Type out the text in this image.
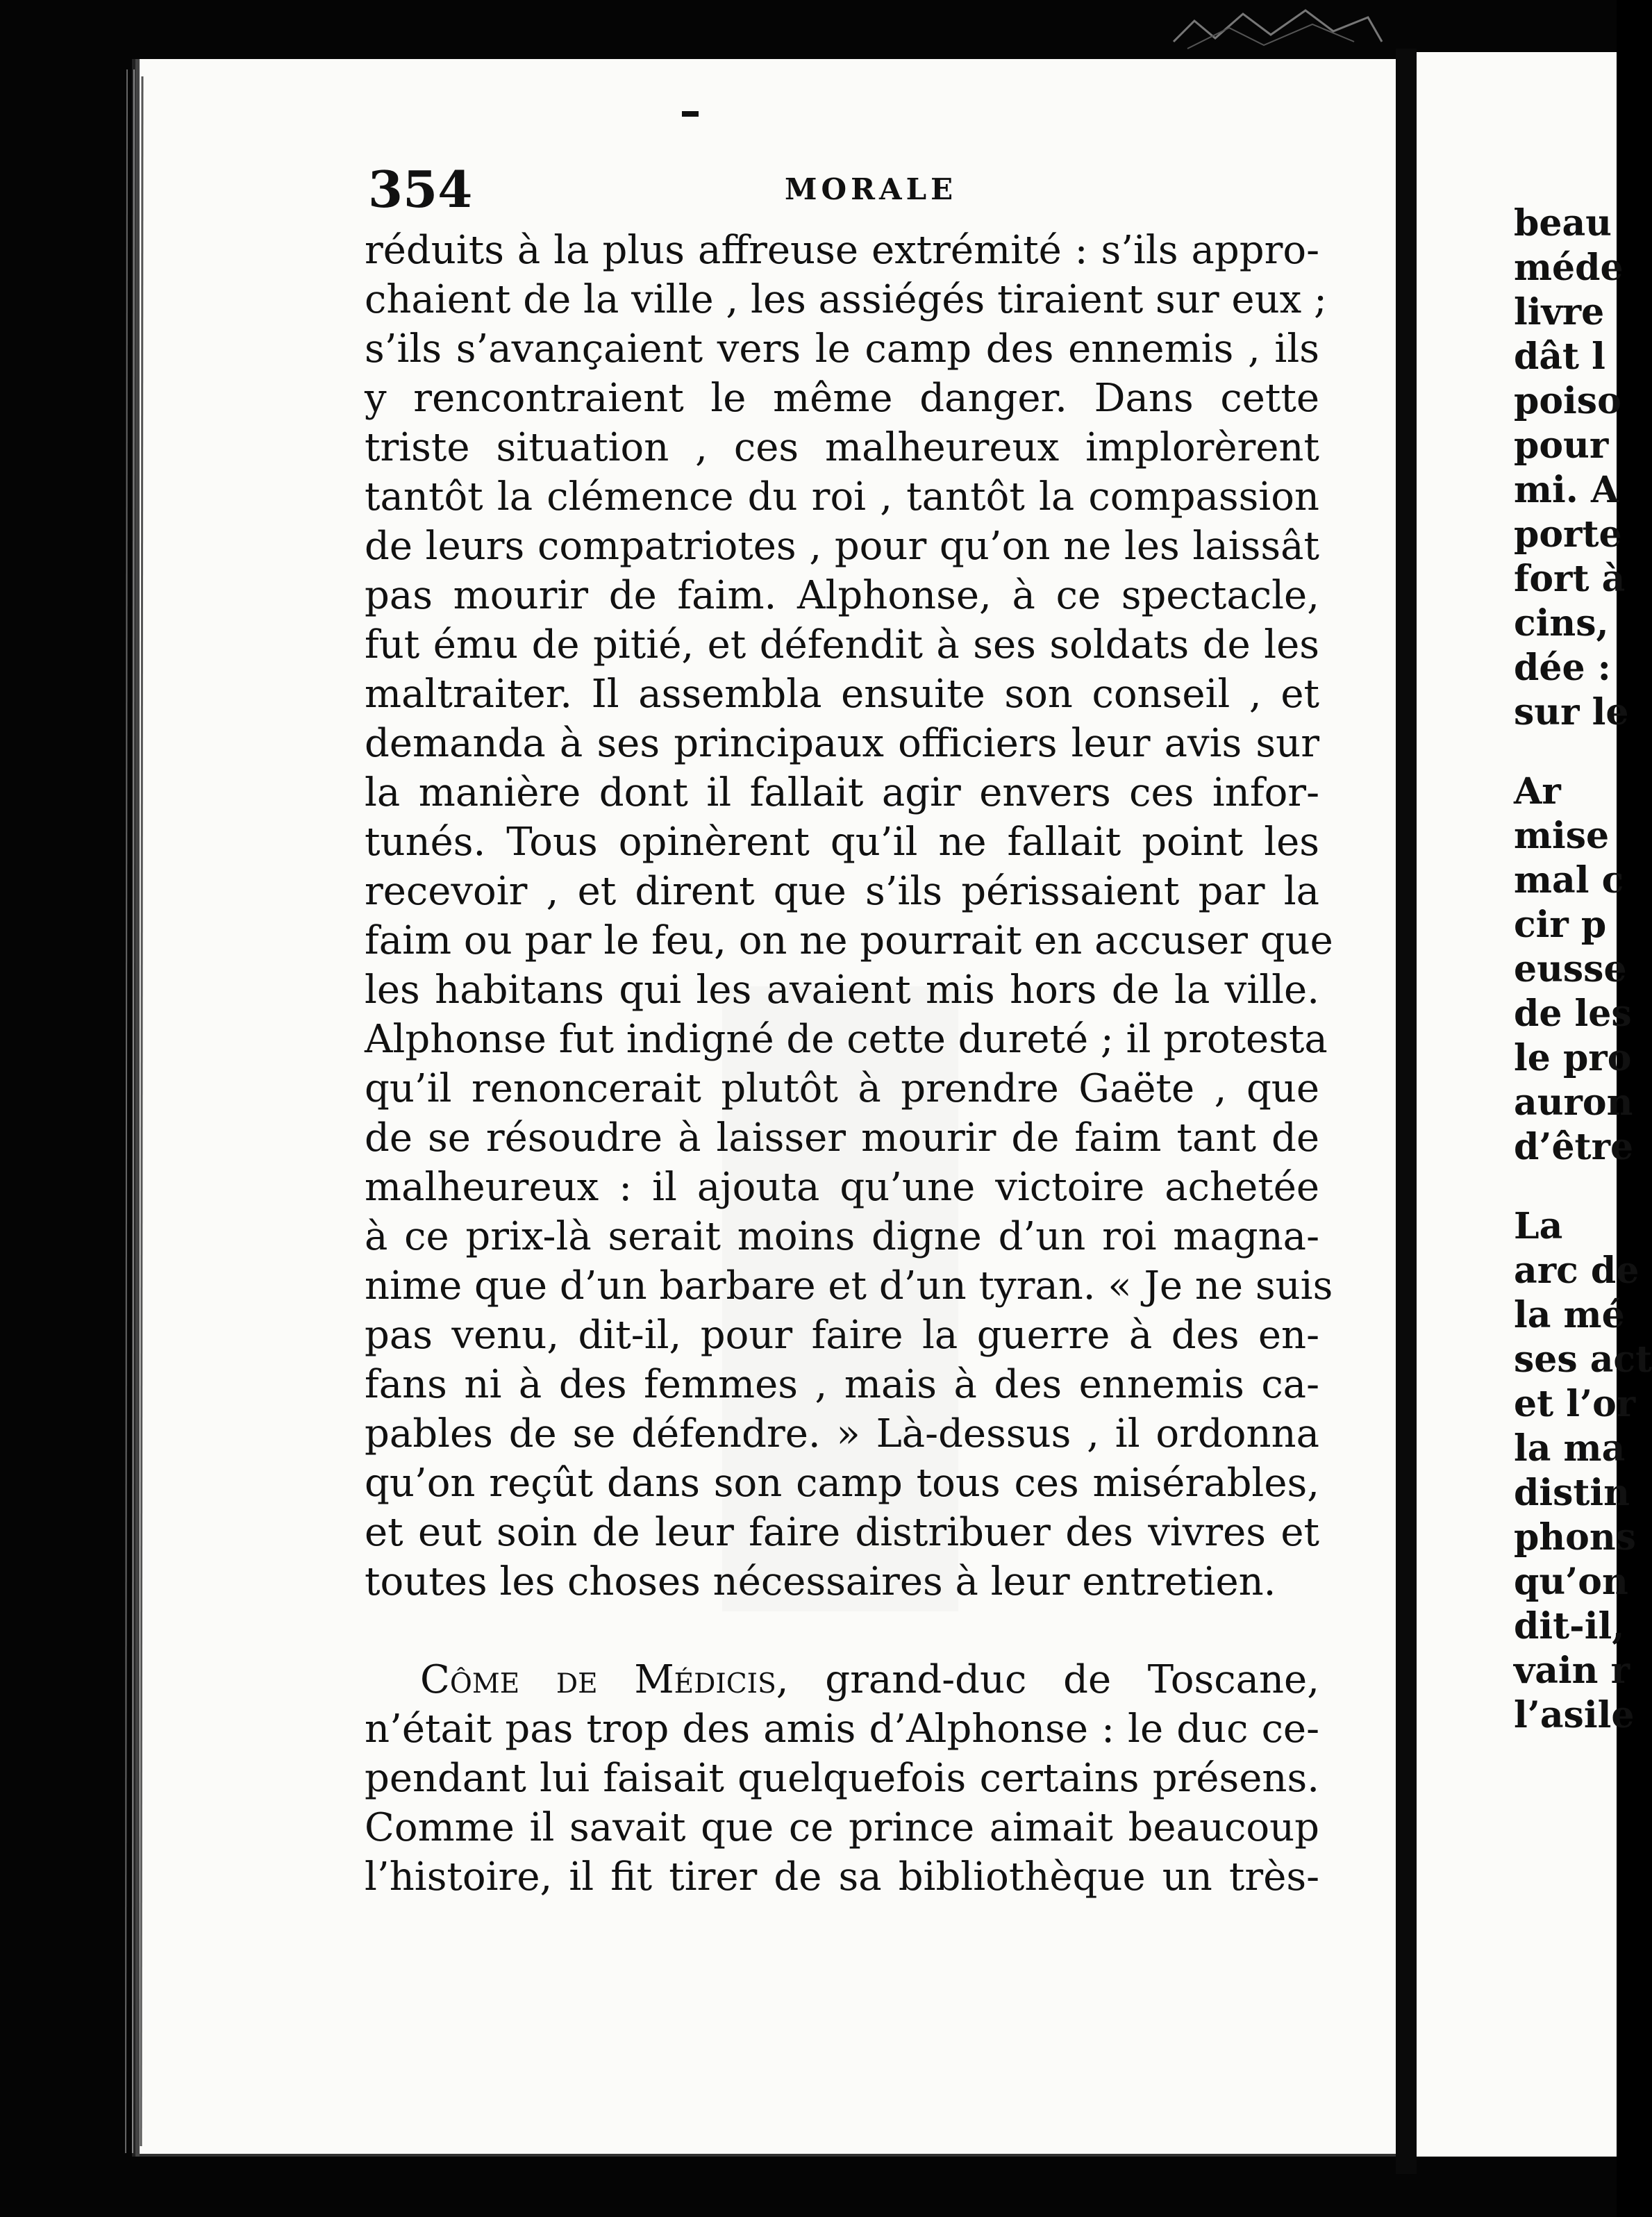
354	MORALE
réduits à la plus affreuse extrémité : s’ils appro-
chaient de la ville , les assiégés tiraient sur eux ;
s’ils s’avançaient vers le camp des ennemis , ils
y rencontraient le même danger. Dans cette
triste situation , ces malheureux implorèrent
tantôt la clémence du roi , tantôt la compassion
de leurs compatriotes , pour qu’on ne les laissât
pas mourir de faim. Alphonse, à ce spectacle,
fut ému de pitié, et défendit à ses soldats de les
maltraiter. Il assembla ensuite son conseil , et
demanda à ses principaux officiers leur avis sur
la manière dont il fallait agir envers ces infor-
tunés. Tous opinèrent qu’il ne fallait point les
recevoir , et dirent que s’ils périssaient par la
faim ou par le feu, on ne pourrait en accuser que
les habitans qui les avaient mis hors de la ville.
Alphonse fut indigné de cette dureté ; il protesta
qu’il renoncerait plutôt à prendre Gaëte , que
de se résoudre à laisser mourir de faim tant de
malheureux : il ajouta qu’une victoire achetée
à ce prix-là serait moins digne d’un roi magna-
nime que d’un barbare et d’un tyran. « Je ne suis
pas venu, dit-il, pour faire la guerre à des en-
fans ni à des femmes , mais à des ennemis ca-
pables de se défendre. » Là-dessus , il ordonna
qu’on reçût dans son camp tous ces misérables,
et eut soin de leur faire distribuer des vivres et
toutes les choses nécessaires à leur entretien.
Côme de Médicis, grand-duc de Toscane,
n’était pas trop des amis d’Alphonse : le duc ce-
pendant lui faisait quelquefois certains présens.
Comme il savait que ce prince aimait beaucoup
l’histoire, il fit tirer de sa bibliothèque un très-
beau
méde
livre
dât l
poiso
pour
mi. A
porte
fort à
cins,
dée :
sur le
Ar
mise
mal c
cir p
eusse
de les
le pro
auron
d’être
La
arc de
la mé
ses act
et l’or
la ma
distin
phons
qu’on
dit-il,
vain r
l’asile
